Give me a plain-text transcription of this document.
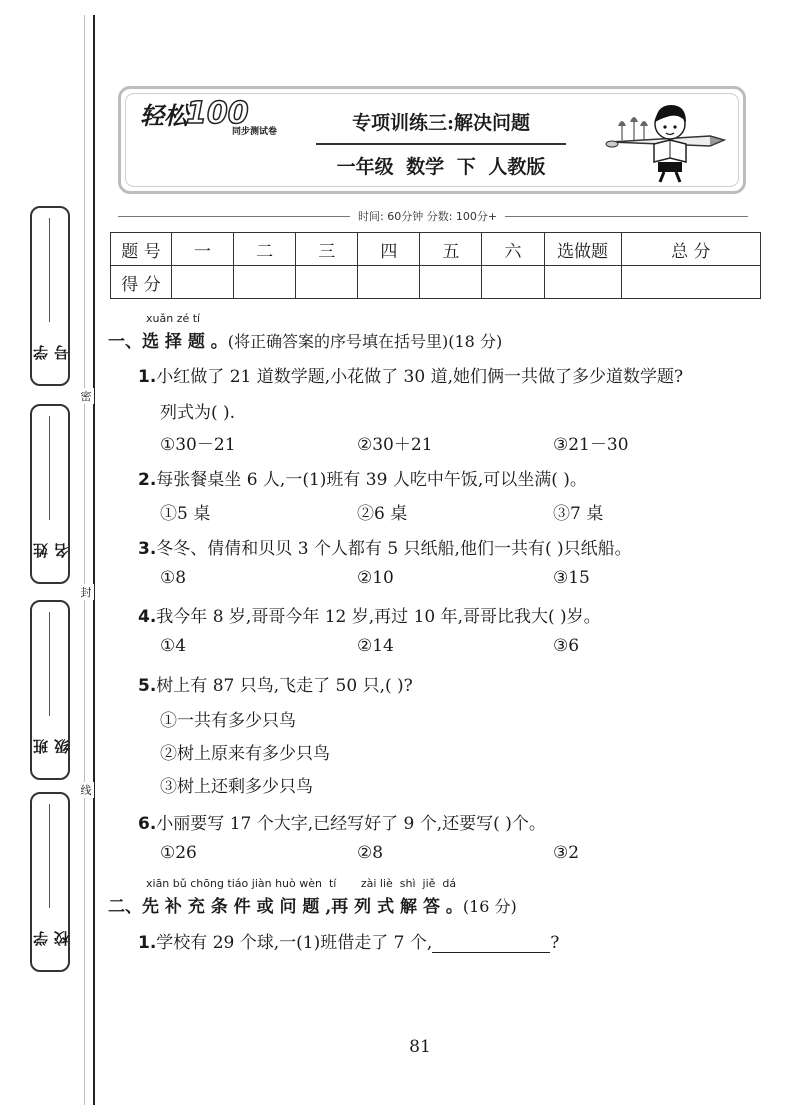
密
封
线
学 号
姓 名
班 级
学 校
轻松
100
同步测试卷	专项训练三:解决问题
一年级 数学 下 人教版
时间: 60分钟 分数: 100分+
题 号	一	二	三	四	五	六	选做题	总 分
得 分								
xuǎn zé tí
一、选 择 题 。(将正确答案的序号填在括号里)(18 分)
1.小红做了 21 道数学题,小花做了 30 道,她们俩一共做了多少道数学题?
列式为( ).
①30－21	②30＋21	③21－30
2.每张餐桌坐 6 人,一(1)班有 39 人吃中午饭,可以坐满( )。
①5 桌	②6 桌	③7 桌
3.冬冬、倩倩和贝贝 3 个人都有 5 只纸船,他们一共有( )只纸船。
①8	②10	③15
4.我今年 8 岁,哥哥今年 12 岁,再过 10 年,哥哥比我大( )岁。
①4	②14	③6
5.树上有 87 只鸟,飞走了 50 只,( )?
①一共有多少只鸟
②树上原来有多少只鸟
③树上还剩多少只鸟
6.小丽要写 17 个大字,已经写好了 9 个,还要写( )个。
①26	②8	③2
xiān bǔ chōng tiáo jiàn huò wèn  tí       zài liè  shì  jiě  dá
二、先 补 充 条 件 或 问 题 ,再 列 式 解 答 。(16 分)
1.学校有 29 个球,一(1)班借走了 7 个,	?
81
